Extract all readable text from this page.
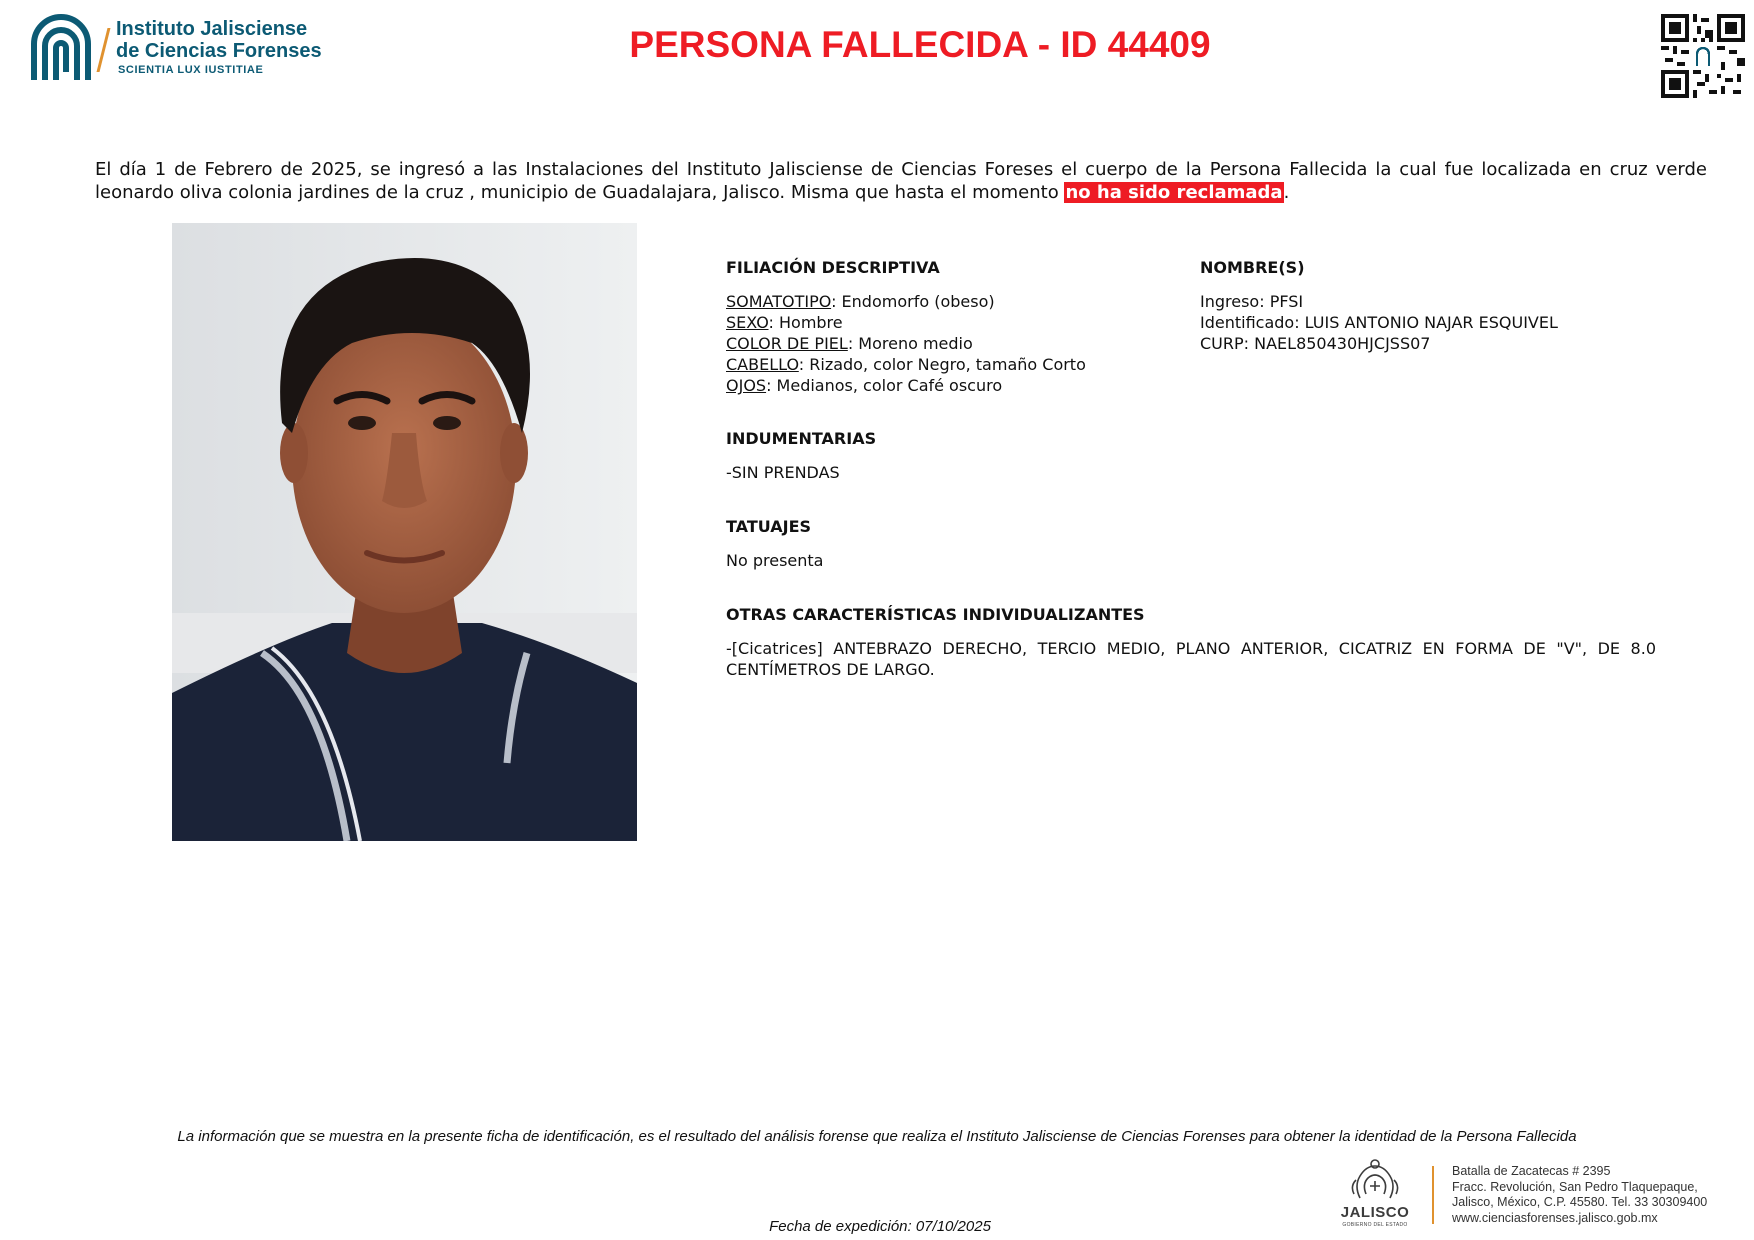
Instituto Jalisciense
de Ciencias Forenses
SCIENTIA LUX IUSTITIAE
PERSONA FALLECIDA - ID 44409
El día 1 de Febrero de 2025, se ingresó a las Instalaciones del Instituto Jalisciense de Ciencias Foreses el cuerpo de la Persona Fallecida la cual fue localizada en cruz verde leonardo oliva colonia jardines de la cruz , municipio de Guadalajara, Jalisco. Misma que hasta el momento no ha sido reclamada.
FILIACIÓN DESCRIPTIVA
SOMATOTIPO: Endomorfo (obeso)
SEXO: Hombre
COLOR DE PIEL: Moreno medio
CABELLO: Rizado, color Negro, tamaño Corto
OJOS: Medianos, color Café oscuro
NOMBRE(S)
Ingreso: PFSI
Identificado: LUIS ANTONIO NAJAR ESQUIVEL
CURP: NAEL850430HJCJSS07
INDUMENTARIAS
-SIN PRENDAS
TATUAJES
No presenta
OTRAS CARACTERÍSTICAS INDIVIDUALIZANTES
-[Cicatrices] ANTEBRAZO DERECHO, TERCIO MEDIO, PLANO ANTERIOR, CICATRIZ EN FORMA DE "V", DE 8.0 CENTÍMETROS DE LARGO.
La información que se muestra en la presente ficha de identificación, es el resultado del análisis forense que realiza el Instituto Jalisciense de Ciencias Forenses para obtener la identidad de la Persona Fallecida
Fecha de expedición: 07/10/2025
JALISCO
GOBIERNO DEL ESTADO
Batalla de Zacatecas # 2395
Fracc. Revolución, San Pedro Tlaquepaque,
Jalisco, México, C.P. 45580. Tel. 33 30309400
www.cienciasforenses.jalisco.gob.mx
